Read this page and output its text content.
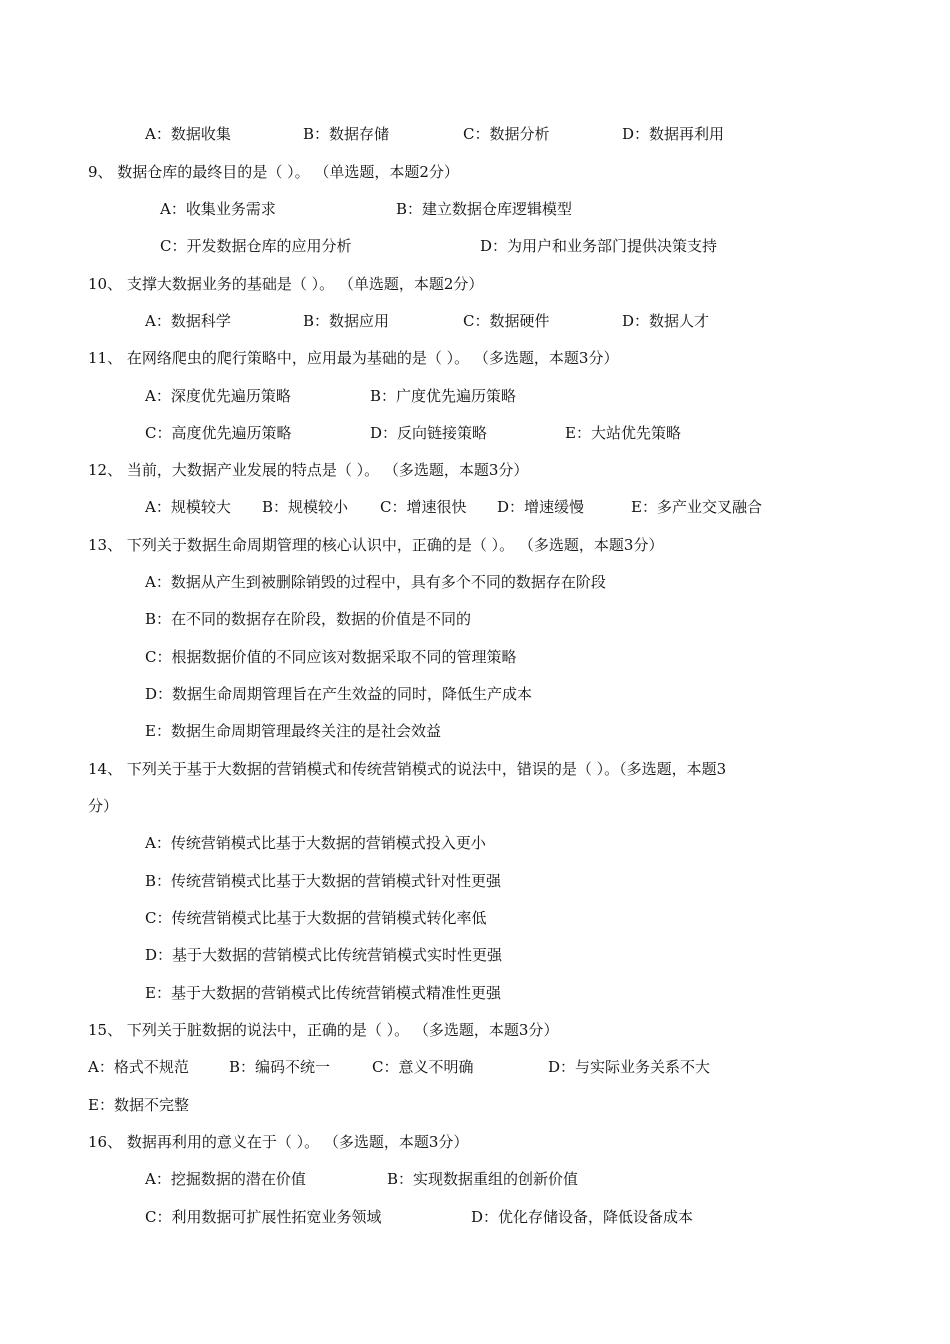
A：数据收集	B：数据存储	C：数据分析	D：数据再利用
9、 数据仓库的最终目的是（ ）。 （单选题，本题2分）
A：收集业务需求	B：建立数据仓库逻辑模型
C：开发数据仓库的应用分析	D：为用户和业务部门提供决策支持
10、 支撑大数据业务的基础是（ ）。 （单选题，本题2分）
A：数据科学	B：数据应用	C：数据硬件	D：数据人才
11、 在网络爬虫的爬行策略中，应用最为基础的是（ ）。 （多选题，本题3分）
A：深度优先遍历策略	B：广度优先遍历策略
C：高度优先遍历策略	D：反向链接策略	E：大站优先策略
12、 当前，大数据产业发展的特点是（ ）。 （多选题，本题3分）
A：规模较大 B：规模较小 C：增速很快 D：增速缓慢	E：多产业交叉融合
13、 下列关于数据生命周期管理的核心认识中，正确的是（ ）。 （多选题，本题3分）
A：数据从产生到被删除销毁的过程中，具有多个不同的数据存在阶段
B：在不同的数据存在阶段，数据的价值是不同的
C：根据数据价值的不同应该对数据采取不同的管理策略
D：数据生命周期管理旨在产生效益的同时，降低生产成本
E：数据生命周期管理最终关注的是社会效益
14、 下列关于基于大数据的营销模式和传统营销模式的说法中，错误的是（ ）。（多选题，本题3
分）
A：传统营销模式比基于大数据的营销模式投入更小
B：传统营销模式比基于大数据的营销模式针对性更强
C：传统营销模式比基于大数据的营销模式转化率低
D：基于大数据的营销模式比传统营销模式实时性更强
E：基于大数据的营销模式比传统营销模式精准性更强
15、 下列关于脏数据的说法中，正确的是（ ）。 （多选题，本题3分）
A：格式不规范	B：编码不统一	C：意义不明确	D：与实际业务关系不大
E：数据不完整
16、 数据再利用的意义在于（ ）。 （多选题，本题3分）
A：挖掘数据的潜在价值	B：实现数据重组的创新价值
C：利用数据可扩展性拓宽业务领域	D：优化存储设备，降低设备成本
